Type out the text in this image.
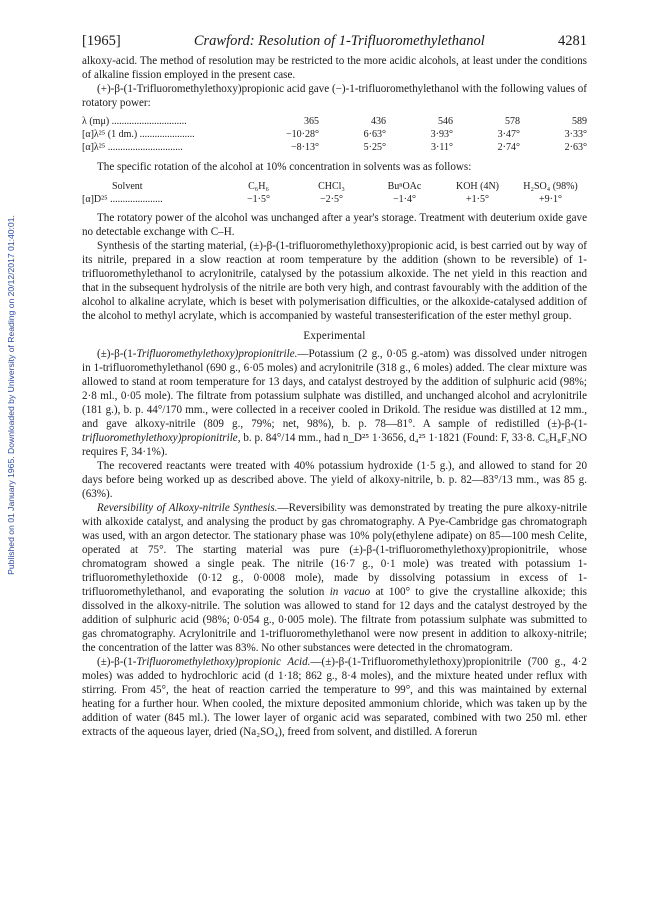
Published on 01 January 1965. Downloaded by University of Reading on 20/12/2017 01:40:01.
[1965]	Crawford: Resolution of 1-Trifluoromethylethanol	4281

alkoxy-acid. The method of resolution may be restricted to the more acidic alcohols, at least under the conditions of alkaline fission employed in the present case.

(+)-β-(1-Trifluoromethylethoxy)propionic acid gave (−)-1-trifluoromethylethanol with the following values of rotatory power:

λ (mμ) ..............................	365	436	546	578	589
[α]λ²⁵ (1 dm.) ......................	−10·28°	6·63°	3·93°	3·47°	3·33°
[α]λ²⁵ ..............................	−8·13°	5·25°	3·11°	2·74°	2·63°

The specific rotation of the alcohol at 10% concentration in solvents was as follows:

Solvent	C₆H₆	CHCl₃	BuⁿOAc	KOH (4N)	H₂SO₄ (98%)
[α]D²⁵ .....................	−1·5°	−2·5°	−1·4°	+1·5°	+9·1°

The rotatory power of the alcohol was unchanged after a year's storage. Treatment with deuterium oxide gave no detectable exchange with C–H.

Synthesis of the starting material, (±)-β-(1-trifluoromethylethoxy)propionic acid, is best carried out by way of its nitrile, prepared in a slow reaction at room temperature by the addition (shown to be reversible) of 1-trifluoromethylethanol to acrylonitrile, catalysed by the potassium alkoxide. The net yield in this reaction and that in the subsequent hydrolysis of the nitrile are both very high, and contrast favourably with the addition of the alcohol to alkaline acrylate, which is beset with polymerisation difficulties, or the alkoxide-catalysed addition of the alcohol to methyl acrylate, which is accompanied by wasteful transesterification of the ester methyl group.

Experimental

(±)-β-(1-Trifluoromethylethoxy)propionitrile.—Potassium (2 g., 0·05 g.-atom) was dissolved under nitrogen in 1-trifluoromethylethanol (690 g., 6·05 moles) and acrylonitrile (318 g., 6 moles) added. The clear mixture was allowed to stand at room temperature for 13 days, and catalyst destroyed by the addition of sulphuric acid (98%; 2·8 ml., 0·05 mole). The filtrate from potassium sulphate was distilled, and unchanged alcohol and acrylonitrile (181 g.), b. p. 44°/170 mm., were collected in a receiver cooled in Drikold. The residue was distilled at 12 mm., and gave alkoxy-nitrile (809 g., 79%; net, 98%), b. p. 78—81°. A sample of redistilled (±)-β-(1-trifluoromethylethoxy)propionitrile, b. p. 84°/14 mm., had n_D²⁵ 1·3656, d₄²⁵ 1·1821 (Found: F, 33·8. C₆H₈F₃NO requires F, 34·1%).

The recovered reactants were treated with 40% potassium hydroxide (1·5 g.), and allowed to stand for 20 days before being worked up as described above. The yield of alkoxy-nitrile, b. p. 82—83°/13 mm., was 85 g. (63%).

Reversibility of Alkoxy-nitrile Synthesis.—Reversibility was demonstrated by treating the pure alkoxy-nitrile with alkoxide catalyst, and analysing the product by gas chromatography. A Pye-Cambridge gas chromatograph was used, with an argon detector. The stationary phase was 10% poly(ethylene adipate) on 85—100 mesh Celite, operated at 75°. The starting material was pure (±)-β-(1-trifluoromethylethoxy)propionitrile, whose chromatogram showed a single peak. The nitrile (16·7 g., 0·1 mole) was treated with potassium 1-trifluoromethylethoxide (0·12 g., 0·0008 mole), made by dissolving potassium in excess of 1-trifluoromethylethanol, and evaporating the solution in vacuo at 100° to give the crystalline alkoxide; this dissolved in the alkoxy-nitrile. The solution was allowed to stand for 12 days and the catalyst destroyed by the addition of sulphuric acid (98%; 0·054 g., 0·005 mole). The filtrate from potassium sulphate was submitted to gas chromatography. Acrylonitrile and 1-trifluoromethylethanol were now present in addition to alkoxy-nitrile; the concentration of the latter was 83%. No other substances were detected in the chromatogram.

(±)-β-(1-Trifluoromethylethoxy)propionic Acid.—(±)-β-(1-Trifluoromethylethoxy)propionitrile (700 g., 4·2 moles) was added to hydrochloric acid (d 1·18; 862 g., 8·4 moles), and the mixture heated under reflux with stirring. From 45°, the heat of reaction carried the temperature to 99°, and this was maintained by external heating for a further hour. When cooled, the mixture deposited ammonium chloride, which was taken up by the addition of water (845 ml.). The lower layer of organic acid was separated, combined with two 250 ml. ether extracts of the aqueous layer, dried (Na₂SO₄), freed from solvent, and distilled. A forerun
